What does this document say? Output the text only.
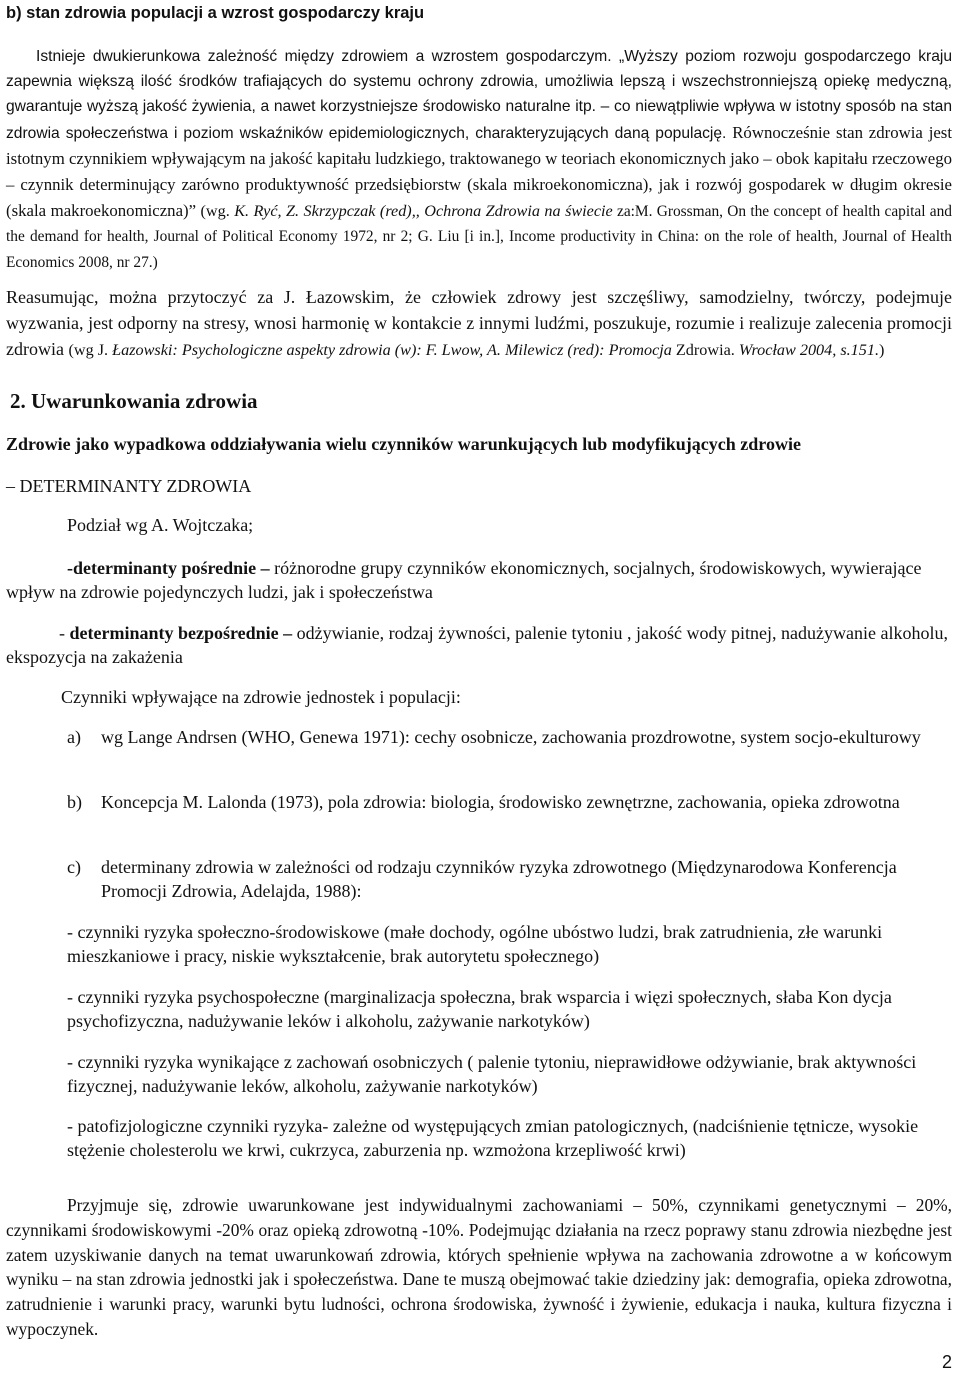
b) stan zdrowia populacji a wzrost gospodarczy kraju

Istnieje dwukierunkowa zależność między zdrowiem a wzrostem gospodarczym. „Wyższy poziom rozwoju gospodarczego kraju zapewnia większą ilość środków trafiających do systemu ochrony zdrowia, umożliwia lepszą i wszechstronniejszą opiekę medyczną, gwarantuje wyższą jakość żywienia, a nawet korzystniejsze środowisko naturalne itp. – co niewątpliwie wpływa w istotny sposób na stan zdrowia społeczeństwa i poziom wskaźników epidemiologicznych, charakteryzujących daną populację. Równocześnie stan zdrowia jest istotnym czynnikiem wpływającym na jakość kapitału ludzkiego, traktowanego w teoriach ekonomicznych jako – obok kapitału rzeczowego – czynnik determinujący zarówno produktywność przedsiębiorstw (skala mikroekonomiczna), jak i rozwój gospodarek w długim okresie (skala makroekonomiczna)” (wg. K. Ryć, Z. Skrzypczak (red),, Ochrona Zdrowia na świecie za:M. Grossman, On the concept of health capital and the demand for health, Journal of Political Economy 1972, nr 2; G. Liu [i in.], Income productivity in China: on the role of health, Journal of Health Economics 2008, nr 27.)

Reasumując, można przytoczyć za J. Łazowskim, że człowiek zdrowy jest szczęśliwy, samodzielny, twórczy, podejmuje wyzwania, jest odporny na stresy, wnosi harmonię w kontakcie z innymi ludźmi, poszukuje, rozumie i realizuje zalecenia promocji zdrowia (wg J. Łazowski: Psychologiczne aspekty zdrowia (w): F. Lwow, A. Milewicz (red): Promocja Zdrowia. Wrocław 2004, s.151.)

2. Uwarunkowania zdrowia
Zdrowie jako wypadkowa oddziaływania wielu czynników warunkujących lub modyfikujących zdrowie
– DETERMINANTY ZDROWIA
Podział wg A. Wojtczaka;

-determinanty pośrednie – różnorodne grupy czynników ekonomicznych, socjalnych, środowiskowych, wywierające wpływ na zdrowie pojedynczych ludzi, jak i społeczeństwa

- determinanty bezpośrednie – odżywianie, rodzaj żywności, palenie tytoniu , jakość wody pitnej, nadużywanie alkoholu, ekspozycja na zakażenia

Czynniki wpływające na zdrowie jednostek i populacji:
a) wg Lange Andrsen (WHO, Genewa 1971): cechy osobnicze, zachowania prozdrowotne, system socjo-ekulturowy

b) Koncepcja M. Lalonda (1973), pola zdrowia: biologia, środowisko zewnętrzne, zachowania, opieka zdrowotna

c) determinany zdrowia w zależności od rodzaju czynników ryzyka zdrowotnego (Międzynarodowa Konferencja Promocji Zdrowia, Adelajda, 1988):

- czynniki ryzyka społeczno-środowiskowe (małe dochody, ogólne ubóstwo ludzi, brak zatrudnienia, złe warunki mieszkaniowe i pracy, niskie wykształcenie, brak autorytetu społecznego)

- czynniki ryzyka psychospołeczne (marginalizacja społeczna, brak wsparcia i więzi społecznych, słaba Kon dycja psychofizyczna, nadużywanie leków i alkoholu, zażywanie narkotyków)

- czynniki ryzyka wynikające z zachowań osobniczych ( palenie tytoniu, nieprawidłowe odżywianie, brak aktywności fizycznej, nadużywanie leków, alkoholu, zażywanie narkotyków)

- patofizjologiczne czynniki ryzyka- zależne od występujących zmian patologicznych, (nadciśnienie tętnicze, wysokie stężenie cholesterolu we krwi, cukrzyca, zaburzenia np. wzmożona krzepliwość krwi)

Przyjmuje się, zdrowie uwarunkowane jest indywidualnymi zachowaniami – 50%, czynnikami genetycznymi – 20%, czynnikami środowiskowymi -20% oraz opieką zdrowotną -10%. Podejmując działania na rzecz poprawy stanu zdrowia niezbędne jest zatem uzyskiwanie danych na temat uwarunkowań zdrowia, których spełnienie wpływa na zachowania zdrowotne a w końcowym wyniku – na stan zdrowia jednostki jak i społeczeństwa. Dane te muszą obejmować takie dziedziny jak: demografia, opieka zdrowotna, zatrudnienie i warunki pracy, warunki bytu ludności, ochrona środowiska, żywność i żywienie, edukacja i nauka, kultura fizyczna i wypoczynek.

2
